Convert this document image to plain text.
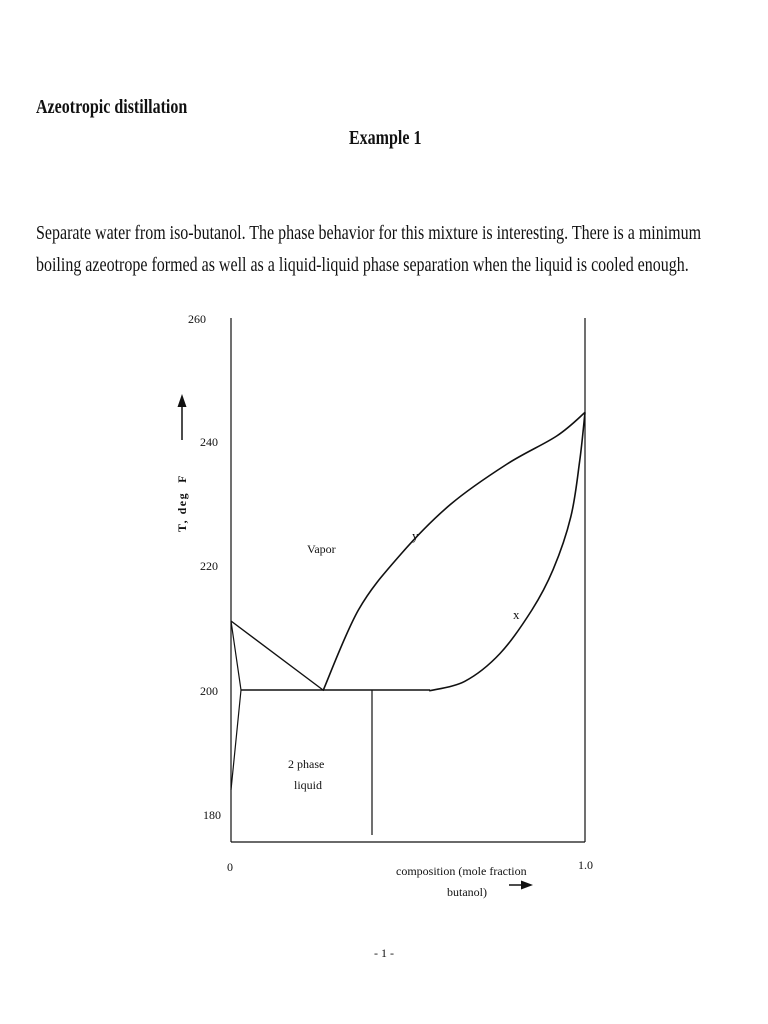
Azeotropic distillation
Example 1
Separate water from iso-butanol. The phase behavior for this mixture is interesting. There is a minimum
boiling azeotrope formed as well as a liquid-liquid phase separation when the liquid is cooled enough.
260
240
220
200
180
0	1.0
T, deg  F
composition (mole fraction
butanol)
y
x
Vapor
2 phase
liquid
- 1 -
